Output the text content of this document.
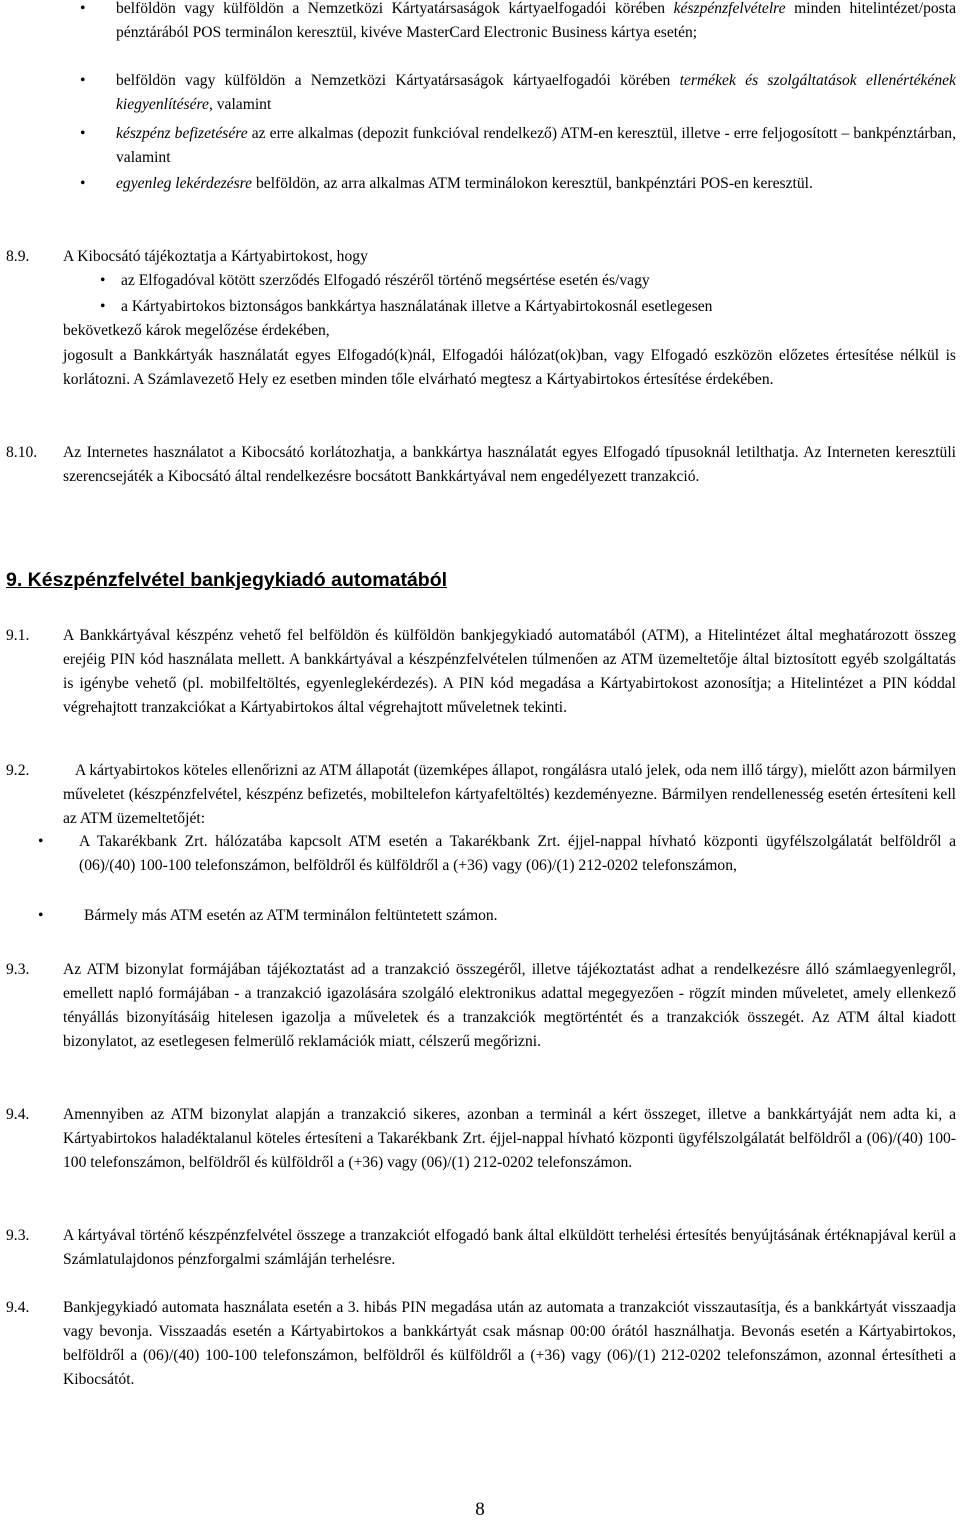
•	belföldön vagy külföldön a Nemzetközi Kártyatársaságok kártyaelfogadói körében készpénzfelvételre minden hitelintézet/posta pénztárából POS terminálon keresztül, kivéve MasterCard Electronic Business kártya esetén;
•	belföldön vagy külföldön a Nemzetközi Kártyatársaságok kártyaelfogadói körében termékek és szolgáltatások ellenértékének kiegyenlítésére, valamint
•	készpénz befizetésére az erre alkalmas (depozit funkcióval rendelkező) ATM-en keresztül, illetve - erre feljogosított – bankpénztárban, valamint
•	egyenleg lekérdezésre belföldön, az arra alkalmas ATM terminálokon keresztül, bankpénztári POS-en keresztül.
8.9. A Kibocsátó tájékoztatja a Kártyabirtokost, hogy
• az Elfogadóval kötött szerződés Elfogadó részéről történő megsértése esetén és/vagy
• a Kártyabirtokos biztonságos bankkártya használatának illetve a Kártyabirtokosnál esetlegesen
bekövetkező károk megelőzése érdekében,
jogosult a Bankkártyák használatát egyes Elfogadó(k)nál, Elfogadói hálózat(ok)ban, vagy Elfogadó eszközön előzetes értesítése nélkül is korlátozni. A Számlavezető Hely ez esetben minden tőle elvárható megtesz a Kártyabirtokos értesítése érdekében.
8.10. Az Internetes használatot a Kibocsátó korlátozhatja, a bankkártya használatát egyes Elfogadó típusoknál letilthatja. Az Interneten keresztüli szerencsejáték a Kibocsátó által rendelkezésre bocsátott Bankkártyával nem engedélyezett tranzakció.
9. Készpénzfelvétel bankjegykiadó automatából
9.1. A Bankkártyával készpénz vehető fel belföldön és külföldön bankjegykiadó automatából (ATM), a Hitelintézet által meghatározott összeg erejéig PIN kód használata mellett. A bankkártyával a készpénzfelvételen túlmenően az ATM üzemeltetője által biztosított egyéb szolgáltatás is igénybe vehető (pl. mobilfeltöltés, egyenleglekérdezés). A PIN kód megadása a Kártyabirtokost azonosítja; a Hitelintézet a PIN kóddal végrehajtott tranzakciókat a Kártyabirtokos által végrehajtott műveletnek tekinti.
9.2.	A kártyabirtokos köteles ellenőrizni az ATM állapotát (üzemképes állapot, rongálásra utaló jelek, oda nem illő tárgy), mielőtt azon bármilyen műveletet (készpénzfelvétel, készpénz befizetés, mobiltelefon kártyafeltöltés) kezdeményezne. Bármilyen rendellenesség esetén értesíteni kell az ATM üzemeltetőjét:
• A Takarékbank Zrt. hálózatába kapcsolt ATM esetén a Takarékbank Zrt. éjjel-nappal hívható központi ügyfélszolgálatát belföldről a (06)/(40) 100-100 telefonszámon, belföldről és külföldről a (+36) vagy (06)/(1) 212-0202 telefonszámon,
•	Bármely más ATM esetén az ATM terminálon feltüntetett számon.
9.3. Az ATM bizonylat formájában tájékoztatást ad a tranzakció összegéről, illetve tájékoztatást adhat a rendelkezésre álló számlaegyenlegről, emellett napló formájában - a tranzakció igazolására szolgáló elektronikus adattal megegyezően - rögzít minden műveletet, amely ellenkező tényállás bizonyításáig hitelesen igazolja a műveletek és a tranzakciók megtörténtét és a tranzakciók összegét. Az ATM által kiadott bizonylatot, az esetlegesen felmerülő reklamációk miatt, célszerű megőrizni.
9.4. Amennyiben az ATM bizonylat alapján a tranzakció sikeres, azonban a terminál a kért összeget, illetve a bankkártyáját nem adta ki, a Kártyabirtokos haladéktalanul köteles értesíteni a Takarékbank Zrt. éjjel-nappal hívható központi ügyfélszolgálatát belföldről a (06)/(40) 100-100 telefonszámon, belföldről és külföldről a (+36) vagy (06)/(1) 212-0202 telefonszámon.
9.3. A kártyával történő készpénzfelvétel összege a tranzakciót elfogadó bank által elküldött terhelési értesítés benyújtásának értéknapjával kerül a Számlatulajdonos pénzforgalmi számláján terhelésre.
9.4. Bankjegykiadó automata használata esetén a 3. hibás PIN megadása után az automata a tranzakciót visszautasítja, és a bankkártyát visszaadja vagy bevonja. Visszaadás esetén a Kártyabirtokos a bankkártyát csak másnap 00:00 órától használhatja. Bevonás esetén a Kártyabirtokos, belföldről a (06)/(40) 100-100 telefonszámon, belföldről és külföldről a (+36) vagy (06)/(1) 212-0202 telefonszámon, azonnal értesítheti a Kibocsátót.
8
